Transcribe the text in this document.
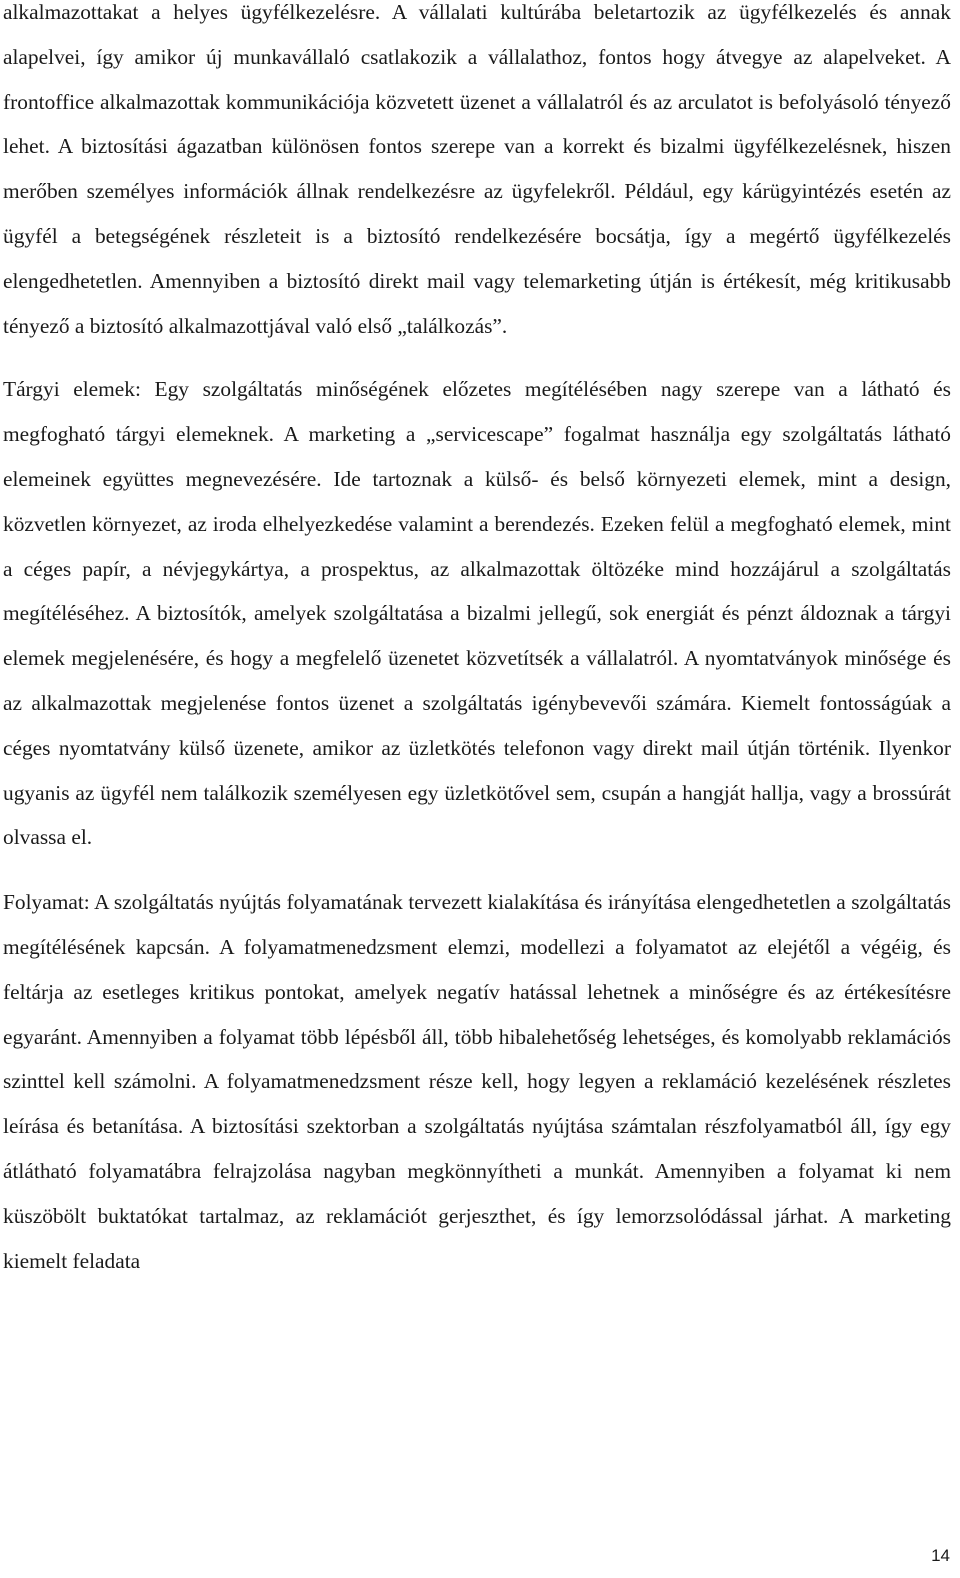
alkalmazottakat a helyes ügyfélkezelésre. A vállalati kultúrába beletartozik az ügyfélkezelés és annak alapelvei, így amikor új munkavállaló csatlakozik a vállalathoz, fontos hogy átvegye az alapelveket. A frontoffice alkalmazottak kommunikációja közvetett üzenet a vállalatról és az arculatot is befolyásoló tényező lehet. A biztosítási ágazatban különösen fontos szerepe van a korrekt és bizalmi ügyfélkezelésnek, hiszen merőben személyes információk állnak rendelkezésre az ügyfelekről. Például, egy kárügyintézés esetén az ügyfél a betegségének részleteit is a biztosító rendelkezésére bocsátja, így a megértő ügyfélkezelés elengedhetetlen. Amennyiben a biztosító direkt mail vagy telemarketing útján is értékesít, még kritikusabb tényező a biztosító alkalmazottjával való első „találkozás”.

Tárgyi elemek: Egy szolgáltatás minőségének előzetes megítélésében nagy szerepe van a látható és megfogható tárgyi elemeknek. A marketing a „servicescape” fogalmat használja egy szolgáltatás látható elemeinek együttes megnevezésére. Ide tartoznak a külső- és belső környezeti elemek, mint a design, közvetlen környezet, az iroda elhelyezkedése valamint a berendezés. Ezeken felül a megfogható elemek, mint a céges papír, a névjegykártya, a prospektus, az alkalmazottak öltözéke mind hozzájárul a szolgáltatás megítéléséhez. A biztosítók, amelyek szolgáltatása a bizalmi jellegű, sok energiát és pénzt áldoznak a tárgyi elemek megjelenésére, és hogy a megfelelő üzenetet közvetítsék a vállalatról. A nyomtatványok minősége és az alkalmazottak megjelenése fontos üzenet a szolgáltatás igénybevevői számára. Kiemelt fontosságúak a céges nyomtatvány külső üzenete, amikor az üzletkötés telefonon vagy direkt mail útján történik. Ilyenkor ugyanis az ügyfél nem találkozik személyesen egy üzletkötővel sem, csupán a hangját hallja, vagy a brossúrát olvassa el.

Folyamat: A szolgáltatás nyújtás folyamatának tervezett kialakítása és irányítása elengedhetetlen a szolgáltatás megítélésének kapcsán. A folyamatmenedzsment elemzi, modellezi a folyamatot az elejétől a végéig, és feltárja az esetleges kritikus pontokat, amelyek negatív hatással lehetnek a minőségre és az értékesítésre egyaránt. Amennyiben a folyamat több lépésből áll, több hibalehetőség lehetséges, és komolyabb reklamációs szinttel kell számolni. A folyamatmenedzsment része kell, hogy legyen a reklamáció kezelésének részletes leírása és betanítása. A biztosítási szektorban a szolgáltatás nyújtása számtalan részfolyamatból áll, így egy átlátható folyamatábra felrajzolása nagyban megkönnyítheti a munkát. Amennyiben a folyamat ki nem küszöbölt buktatókat tartalmaz, az reklamációt gerjeszthet, és így lemorzsolódással járhat. A marketing kiemelt feladata

14
